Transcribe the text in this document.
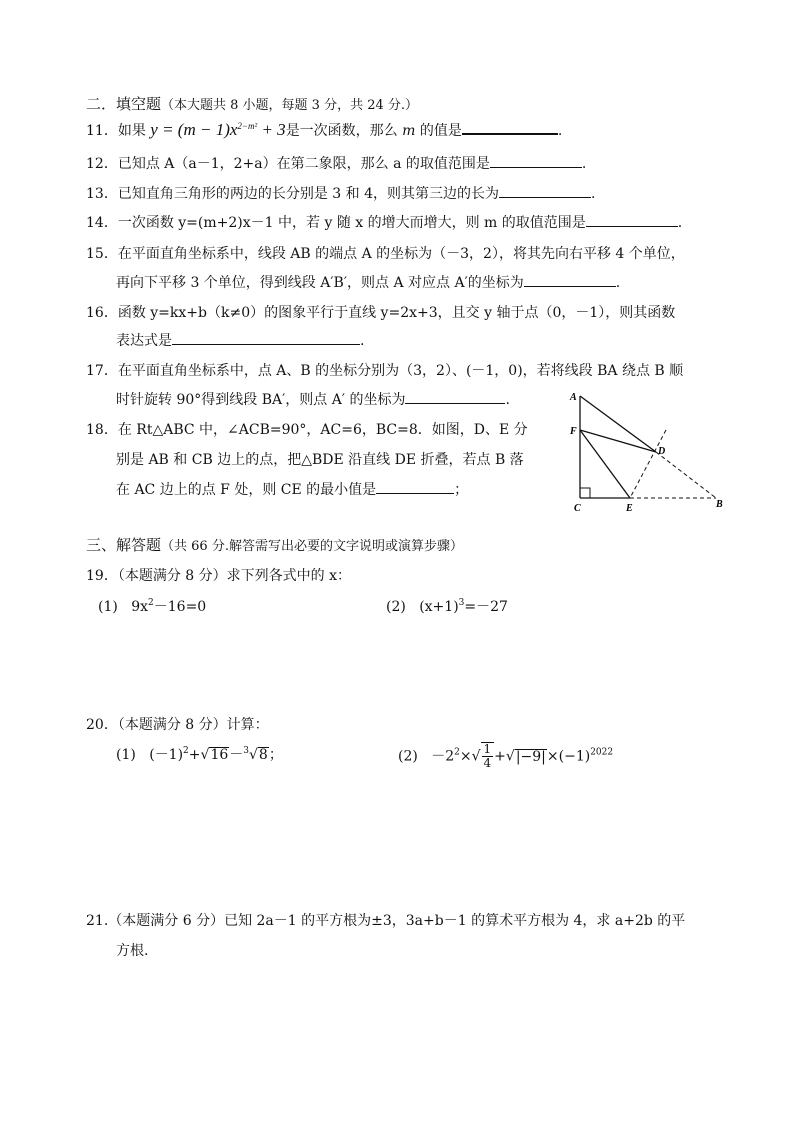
二．填空题（本大题共 8 小题，每题 3 分，共 24 分.）
11．如果 $y = (m - 1)x^{2-m^2} + 3$是一次函数，那么 m 的值是	.
12．已知点 A（a－1，2+a）在第二象限，那么 a 的取值范围是	.
13．已知直角三角形的两边的长分别是 3 和 4，则其第三边的长为	.
14．一次函数 y=(m+2)x－1 中，若 y 随 x 的增大而增大，则 m 的取值范围是	.
15．在平面直角坐标系中，线段 AB 的端点 A 的坐标为（－3，2），将其先向右平移 4 个单位，
再向下平移 3 个单位，得到线段 A′B′，则点 A 对应点 A′的坐标为	.
16．函数 y=kx+b（k≠0）的图象平行于直线 y=2x+3，且交 y 轴于点（0，－1），则其函数
表达式是	.
17．在平面直角坐标系中，点 A、B 的坐标分别为（3，2）、(－1，0)，若将线段 BA 绕点 B 顺
时针旋转 90°得到线段 BA′，则点 A′ 的坐标为	.
18．在 Rt△ABC 中，∠ACB=90°，AC=6，BC=8．如图，D、E 分
别是 AB 和 CB 边上的点，把△BDE 沿直线 DE 折叠，若点 B 落
在 AC 边上的点 F 处，则 CE 的最小值是	；
A
F
D
C	E	B
三、解答题（共 66 分.解答需写出必要的文字说明或演算步骤）
19．（本题满分 8 分）求下列各式中的 x：
(1) $9x^2-16=0$	(2) $(x+1)^3=-27$
20．（本题满分 8 分）计算：
(1) $(-1)^2+√16-^3√8$；	$(2) -2^2\times√ \frac{1}{4} +√|-9|\times(-1)^{2022}$
21.（本题满分 6 分）已知 2a－1 的平方根为±3，3a+b－1 的算术平方根为 4，求 a+2b 的平
方根.
